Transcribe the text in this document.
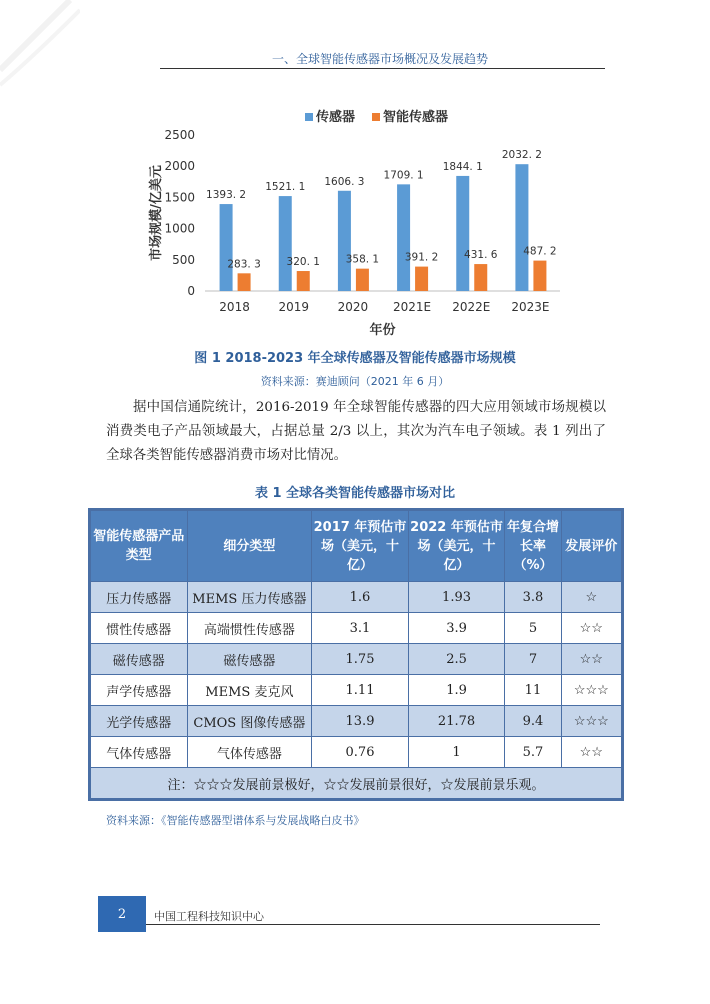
一、全球智能传感器市场概况及发展趋势
0
500
1000
1500
2000
2500
1393. 2
283. 3
2018
1521. 1
320. 1
2019
1606. 3
358. 1
2020
1709. 1
391. 2
2021E
1844. 1
431. 6
2022E
2032. 2
487. 2
2023E
年份
市场规模/亿美元
传感器 智能传感器
图 1 2018-2023 年全球传感器及智能传感器市场规模
资料来源：赛迪顾问（2021 年 6 月）
据中国信通院统计，2016-2019 年全球智能传感器的四大应用领域市场规模以消费类电子产品领域最大，占据总量 2/3 以上，其次为汽车电子领域。表 1 列出了全球各类智能传感器消费市场对比情况。
表 1 全球各类智能传感器市场对比
智能传感器产品类型	细分类型	2017 年预估市场（美元，十亿）	2022 年预估市场（美元，十亿）	年复合增长率（%）	发展评价
压力传感器	MEMS 压力传感器	1.6	1.93	3.8	☆
惯性传感器	高端惯性传感器	3.1	3.9	5	☆☆
磁传感器	磁传感器	1.75	2.5	7	☆☆
声学传感器	MEMS 麦克风	1.11	1.9	11	☆☆☆
光学传感器	CMOS 图像传感器	13.9	21.78	9.4	☆☆☆
气体传感器	气体传感器	0.76	1	5.7	☆☆
注：☆☆☆发展前景极好，☆☆发展前景很好，☆发展前景乐观。					
资料来源：《智能传感器型谱体系与发展战略白皮书》
2	中国工程科技知识中心
